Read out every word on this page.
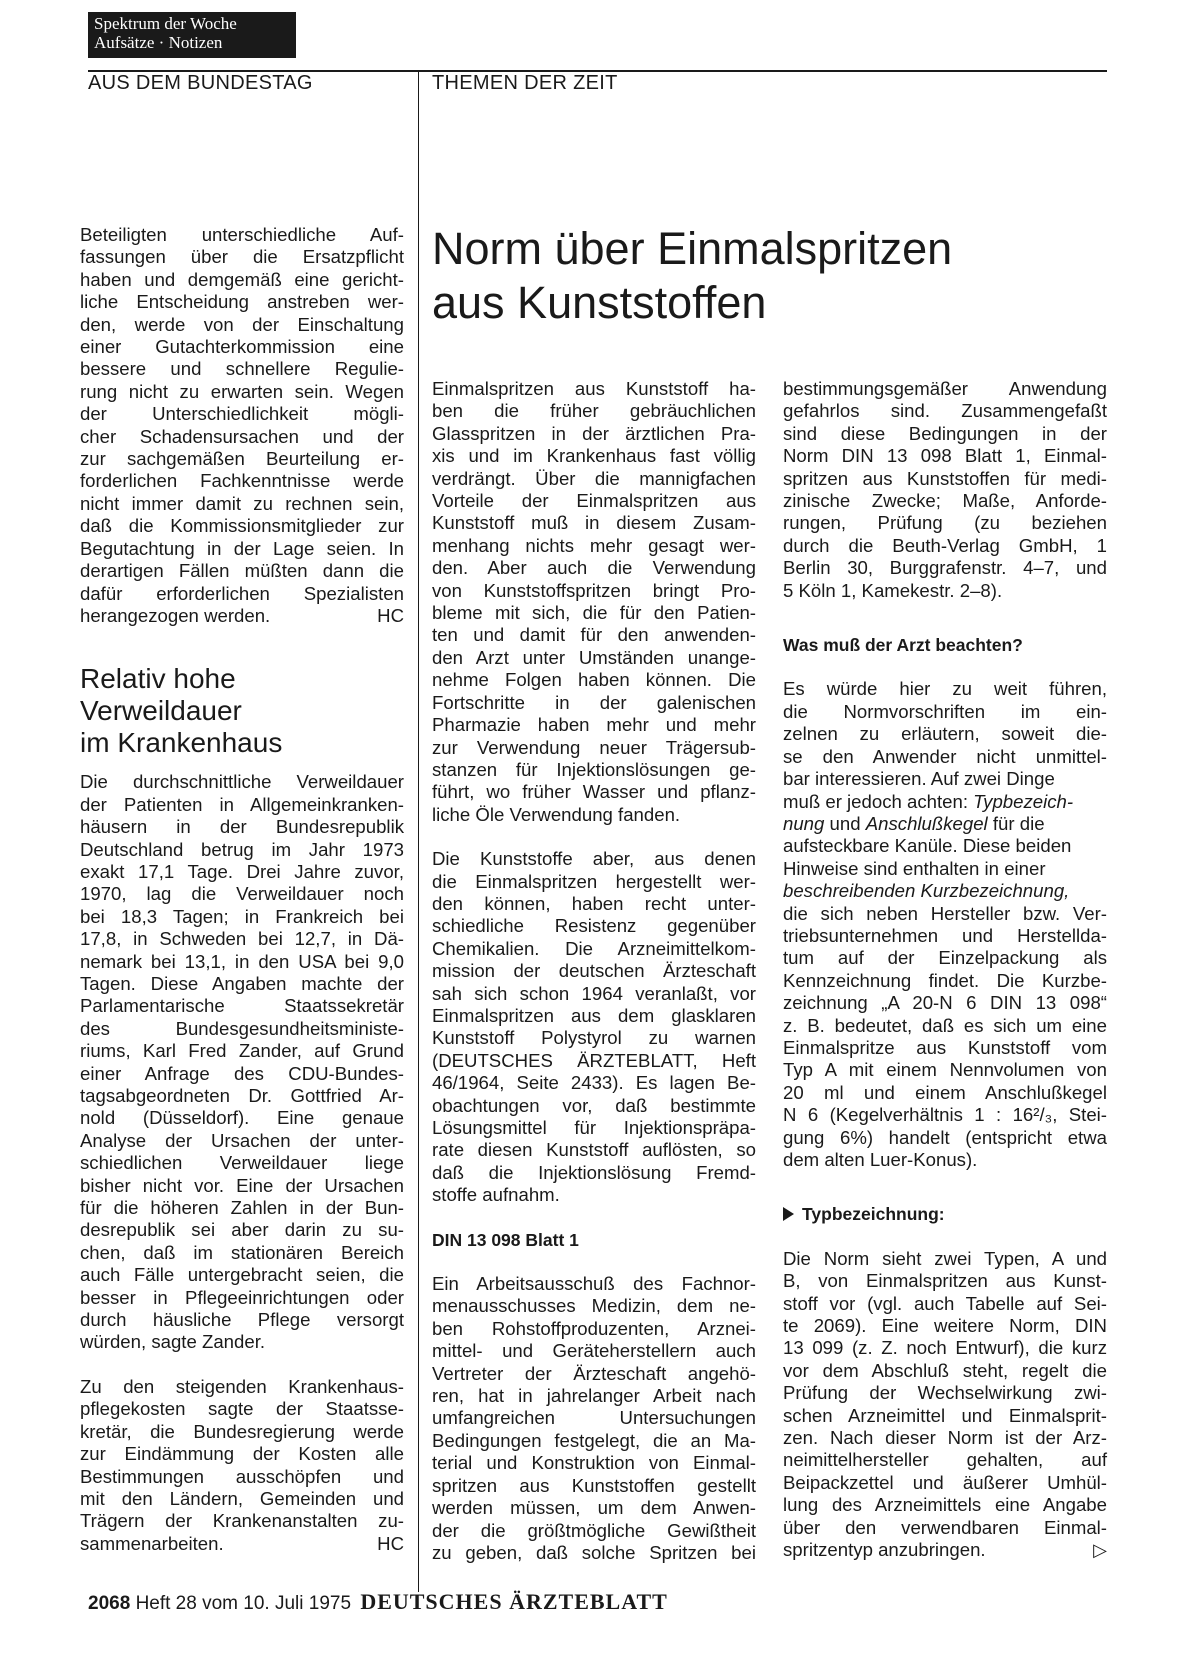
Spektrum der Woche
Aufsätze · Notizen
AUS DEM BUNDESTAG	THEMEN DER ZEIT

Beteiligten unterschiedliche Auf-

fassungen über die Ersatzpflicht

haben und demgemäß eine gericht-

liche Entscheidung anstreben wer-

den, werde von der Einschaltung

einer Gutachterkommission eine

bessere und schnellere Regulie-

rung nicht zu erwarten sein. Wegen

der Unterschiedlichkeit mögli-

cher Schadensursachen und der

zur sachgemäßen Beurteilung er-

forderlichen Fachkenntnisse werde

nicht immer damit zu rechnen sein,

daß die Kommissionsmitglieder zur

Begutachtung in der Lage seien. In

derartigen Fällen müßten dann die

dafür erforderlichen Spezialisten

herangezogen werden.	HC

Relativ hohe
Verweildauer
im Krankenhaus

Die durchschnittliche Verweildauer

der Patienten in Allgemeinkranken-

häusern in der Bundesrepublik

Deutschland betrug im Jahr 1973

exakt 17,1 Tage. Drei Jahre zuvor,

1970, lag die Verweildauer noch

bei 18,3 Tagen; in Frankreich bei

17,8, in Schweden bei 12,7, in Dä-

nemark bei 13,1, in den USA bei 9,0

Tagen. Diese Angaben machte der

Parlamentarische Staatssekretär

des Bundesgesundheitsministe-

riums, Karl Fred Zander, auf Grund

einer Anfrage des CDU-Bundes-

tagsabgeordneten Dr. Gottfried Ar-

nold (Düsseldorf). Eine genaue

Analyse der Ursachen der unter-

schiedlichen Verweildauer liege

bisher nicht vor. Eine der Ursachen

für die höheren Zahlen in der Bun-

desrepublik sei aber darin zu su-

chen, daß im stationären Bereich

auch Fälle untergebracht seien, die

besser in Pflegeeinrichtungen oder

durch häusliche Pflege versorgt

würden, sagte Zander.

Zu den steigenden Krankenhaus-

pflegekosten sagte der Staatsse-

kretär, die Bundesregierung werde

zur Eindämmung der Kosten alle

Bestimmungen ausschöpfen und

mit den Ländern, Gemeinden und

Trägern der Krankenanstalten zu-

sammenarbeiten.	HC

Norm über Einmalspritzen
aus Kunststoffen

Einmalspritzen aus Kunststoff ha-

ben die früher gebräuchlichen

Glasspritzen in der ärztlichen Pra-

xis und im Krankenhaus fast völlig

verdrängt. Über die mannigfachen

Vorteile der Einmalspritzen aus

Kunststoff muß in diesem Zusam-

menhang nichts mehr gesagt wer-

den. Aber auch die Verwendung

von Kunststoffspritzen bringt Pro-

bleme mit sich, die für den Patien-

ten und damit für den anwenden-

den Arzt unter Umständen unange-

nehme Folgen haben können. Die

Fortschritte in der galenischen

Pharmazie haben mehr und mehr

zur Verwendung neuer Trägersub-

stanzen für Injektionslösungen ge-

führt, wo früher Wasser und pflanz-

liche Öle Verwendung fanden.

Die Kunststoffe aber, aus denen

die Einmalspritzen hergestellt wer-

den können, haben recht unter-

schiedliche Resistenz gegenüber

Chemikalien. Die Arzneimittelkom-

mission der deutschen Ärzteschaft

sah sich schon 1964 veranlaßt, vor

Einmalspritzen aus dem glasklaren

Kunststoff Polystyrol zu warnen

(DEUTSCHES ÄRZTEBLATT, Heft

46/1964, Seite 2433). Es lagen Be-

obachtungen vor, daß bestimmte

Lösungsmittel für Injektionspräpa-

rate diesen Kunststoff auflösten, so

daß die Injektionslösung Fremd-

stoffe aufnahm.

DIN 13 098 Blatt 1

Ein Arbeitsausschuß des Fachnor-

menausschusses Medizin, dem ne-

ben Rohstoffproduzenten, Arznei-

mittel- und Geräteherstellern auch

Vertreter der Ärzteschaft angehö-

ren, hat in jahrelanger Arbeit nach

umfangreichen Untersuchungen

Bedingungen festgelegt, die an Ma-

terial und Konstruktion von Einmal-

spritzen aus Kunststoffen gestellt

werden müssen, um dem Anwen-

der die größtmögliche Gewißtheit

zu geben, daß solche Spritzen bei

bestimmungsgemäßer Anwendung

gefahrlos sind. Zusammengefaßt

sind diese Bedingungen in der

Norm DIN 13 098 Blatt 1, Einmal-

spritzen aus Kunststoffen für medi-

zinische Zwecke; Maße, Anforde-

rungen, Prüfung (zu beziehen

durch die Beuth-Verlag GmbH, 1

Berlin 30, Burggrafenstr. 4–7, und

5 Köln 1, Kamekestr. 2–8).

Was muß der Arzt beachten?

Es würde hier zu weit führen,

die Normvorschriften im ein-

zelnen zu erläutern, soweit die-

se den Anwender nicht unmittel-

bar interessieren. Auf zwei Dinge

muß er jedoch achten: Typbezeich-

nung und Anschlußkegel für die

aufsteckbare Kanüle. Diese beiden

Hinweise sind enthalten in einer

beschreibenden Kurzbezeichnung,

die sich neben Hersteller bzw. Ver-

triebsunternehmen und Herstellda-

tum auf der Einzelpackung als

Kennzeichnung findet. Die Kurzbe-

zeichnung „A 20-N 6 DIN 13 098“

z. B. bedeutet, daß es sich um eine

Einmalspritze aus Kunststoff vom

Typ A mit einem Nennvolumen von

20 ml und einem Anschlußkegel

N 6 (Kegelverhältnis 1 : 16²/₃, Stei-

gung 6%) handelt (entspricht etwa

dem alten Luer-Konus).

Typbezeichnung:

Die Norm sieht zwei Typen, A und

B, von Einmalspritzen aus Kunst-

stoff vor (vgl. auch Tabelle auf Sei-

te 2069). Eine weitere Norm, DIN

13 099 (z. Z. noch Entwurf), die kurz

vor dem Abschluß steht, regelt die

Prüfung der Wechselwirkung zwi-

schen Arzneimittel und Einmalsprit-

zen. Nach dieser Norm ist der Arz-

neimittelhersteller gehalten, auf

Beipackzettel und äußerer Umhül-

lung des Arzneimittels eine Angabe

über den verwendbaren Einmal-

spritzentyp anzubringen.	▷

2068 Heft 28 vom 10. Juli 1975 DEUTSCHES ÄRZTEBLATT
